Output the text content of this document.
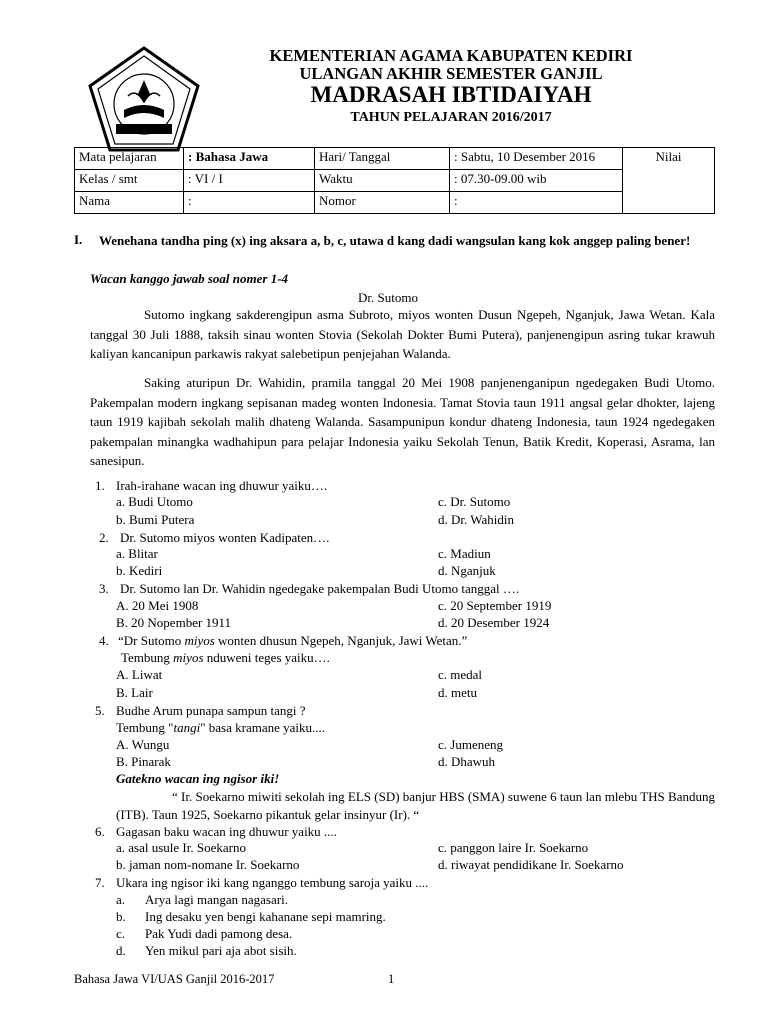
IKHLAS BERAMAL
KEMENTERIAN AGAMA KABUPATEN KEDIRI
ULANGAN AKHIR SEMESTER GANJIL
MADRASAH IBTIDAIYAH
TAHUN PELAJARAN 2016/2017
Mata pelajaran	: Bahasa Jawa	Hari/ Tanggal	: Sabtu, 10 Desember 2016	Nilai
Kelas / smt	: VI / I	Waktu	: 07.30-09.00 wib	
Nama	:	Nomor	:	
I. Wenehana tandha ping (x) ing aksara a, b, c, utawa d kang dadi wangsulan kang kok anggep paling bener!
Wacan kanggo jawab soal nomer 1-4
Dr. Sutomo
Sutomo ingkang sakderengipun asma Subroto, miyos wonten Dusun Ngepeh, Nganjuk, Jawa Wetan. Kala tanggal 30 Juli 1888, taksih sinau wonten Stovia (Sekolah Dokter Bumi Putera), panjenengipun asring tukar krawuh kaliyan kancanipun parkawis rakyat salebetipun penjejahan Walanda.
Saking aturipun Dr. Wahidin, pramila tanggal 20 Mei 1908 panjenenganipun ngedegaken Budi Utomo. Pakempalan modern ingkang sepisanan madeg wonten Indonesia. Tamat Stovia taun 1911 angsal gelar dhokter, lajeng taun 1919 kajibah sekolah malih dhateng Walanda. Sasampunipun kondur dhateng Indonesia, taun 1924 ngedegaken pakempalan minangka wadhahipun para pelajar Indonesia yaiku Sekolah Tenun, Batik Kredit, Koperasi, Asrama, lan sanesipun.
1. Irah-irahane wacan ing dhuwur yaiku….
a. Budi Utomo	c. Dr. Sutomo
b. Bumi Putera	d. Dr. Wahidin
2. Dr. Sutomo miyos wonten Kadipaten….
a. Blitar	c. Madiun
b. Kediri	d. Nganjuk
3. Dr. Sutomo lan Dr. Wahidin ngedegake pakempalan Budi Utomo tanggal ….
A. 20 Mei 1908	c. 20 September 1919
B. 20 Nopember 1911	d. 20 Desember 1924
4. “Dr Sutomo miyos wonten dhusun Ngepeh, Nganjuk, Jawi Wetan.”
Tembung miyos nduweni teges yaiku….
A. Liwat	c. medal
B. Lair	d. metu
5. Budhe Arum punapa sampun tangi ?
Tembung "tangi" basa kramane yaiku....
A. Wungu	c. Jumeneng
B. Pinarak	d. Dhawuh
Gatekno wacan ing ngisor iki!
“ Ir. Soekarno miwiti sekolah ing ELS (SD) banjur HBS (SMA) suwene 6 taun lan mlebu THS Bandung (ITB). Taun 1925, Soekarno pikantuk gelar insinyur (Ir). “
6. Gagasan baku wacan ing dhuwur yaiku ....
a. asal usule Ir. Soekarno	c. panggon laire Ir. Soekarno
b. jaman nom-nomane Ir. Soekarno	d. riwayat pendidikane Ir. Soekarno
7. Ukara ing ngisor iki kang nganggo tembung saroja yaiku ....
a. Arya lagi mangan nagasari.
b. Ing desaku yen bengi kahanane sepi mamring.
c. Pak Yudi dadi pamong desa.
d. Yen mikul pari aja abot sisih.
Bahasa Jawa VI/UAS Ganjil 2016-2017	1
